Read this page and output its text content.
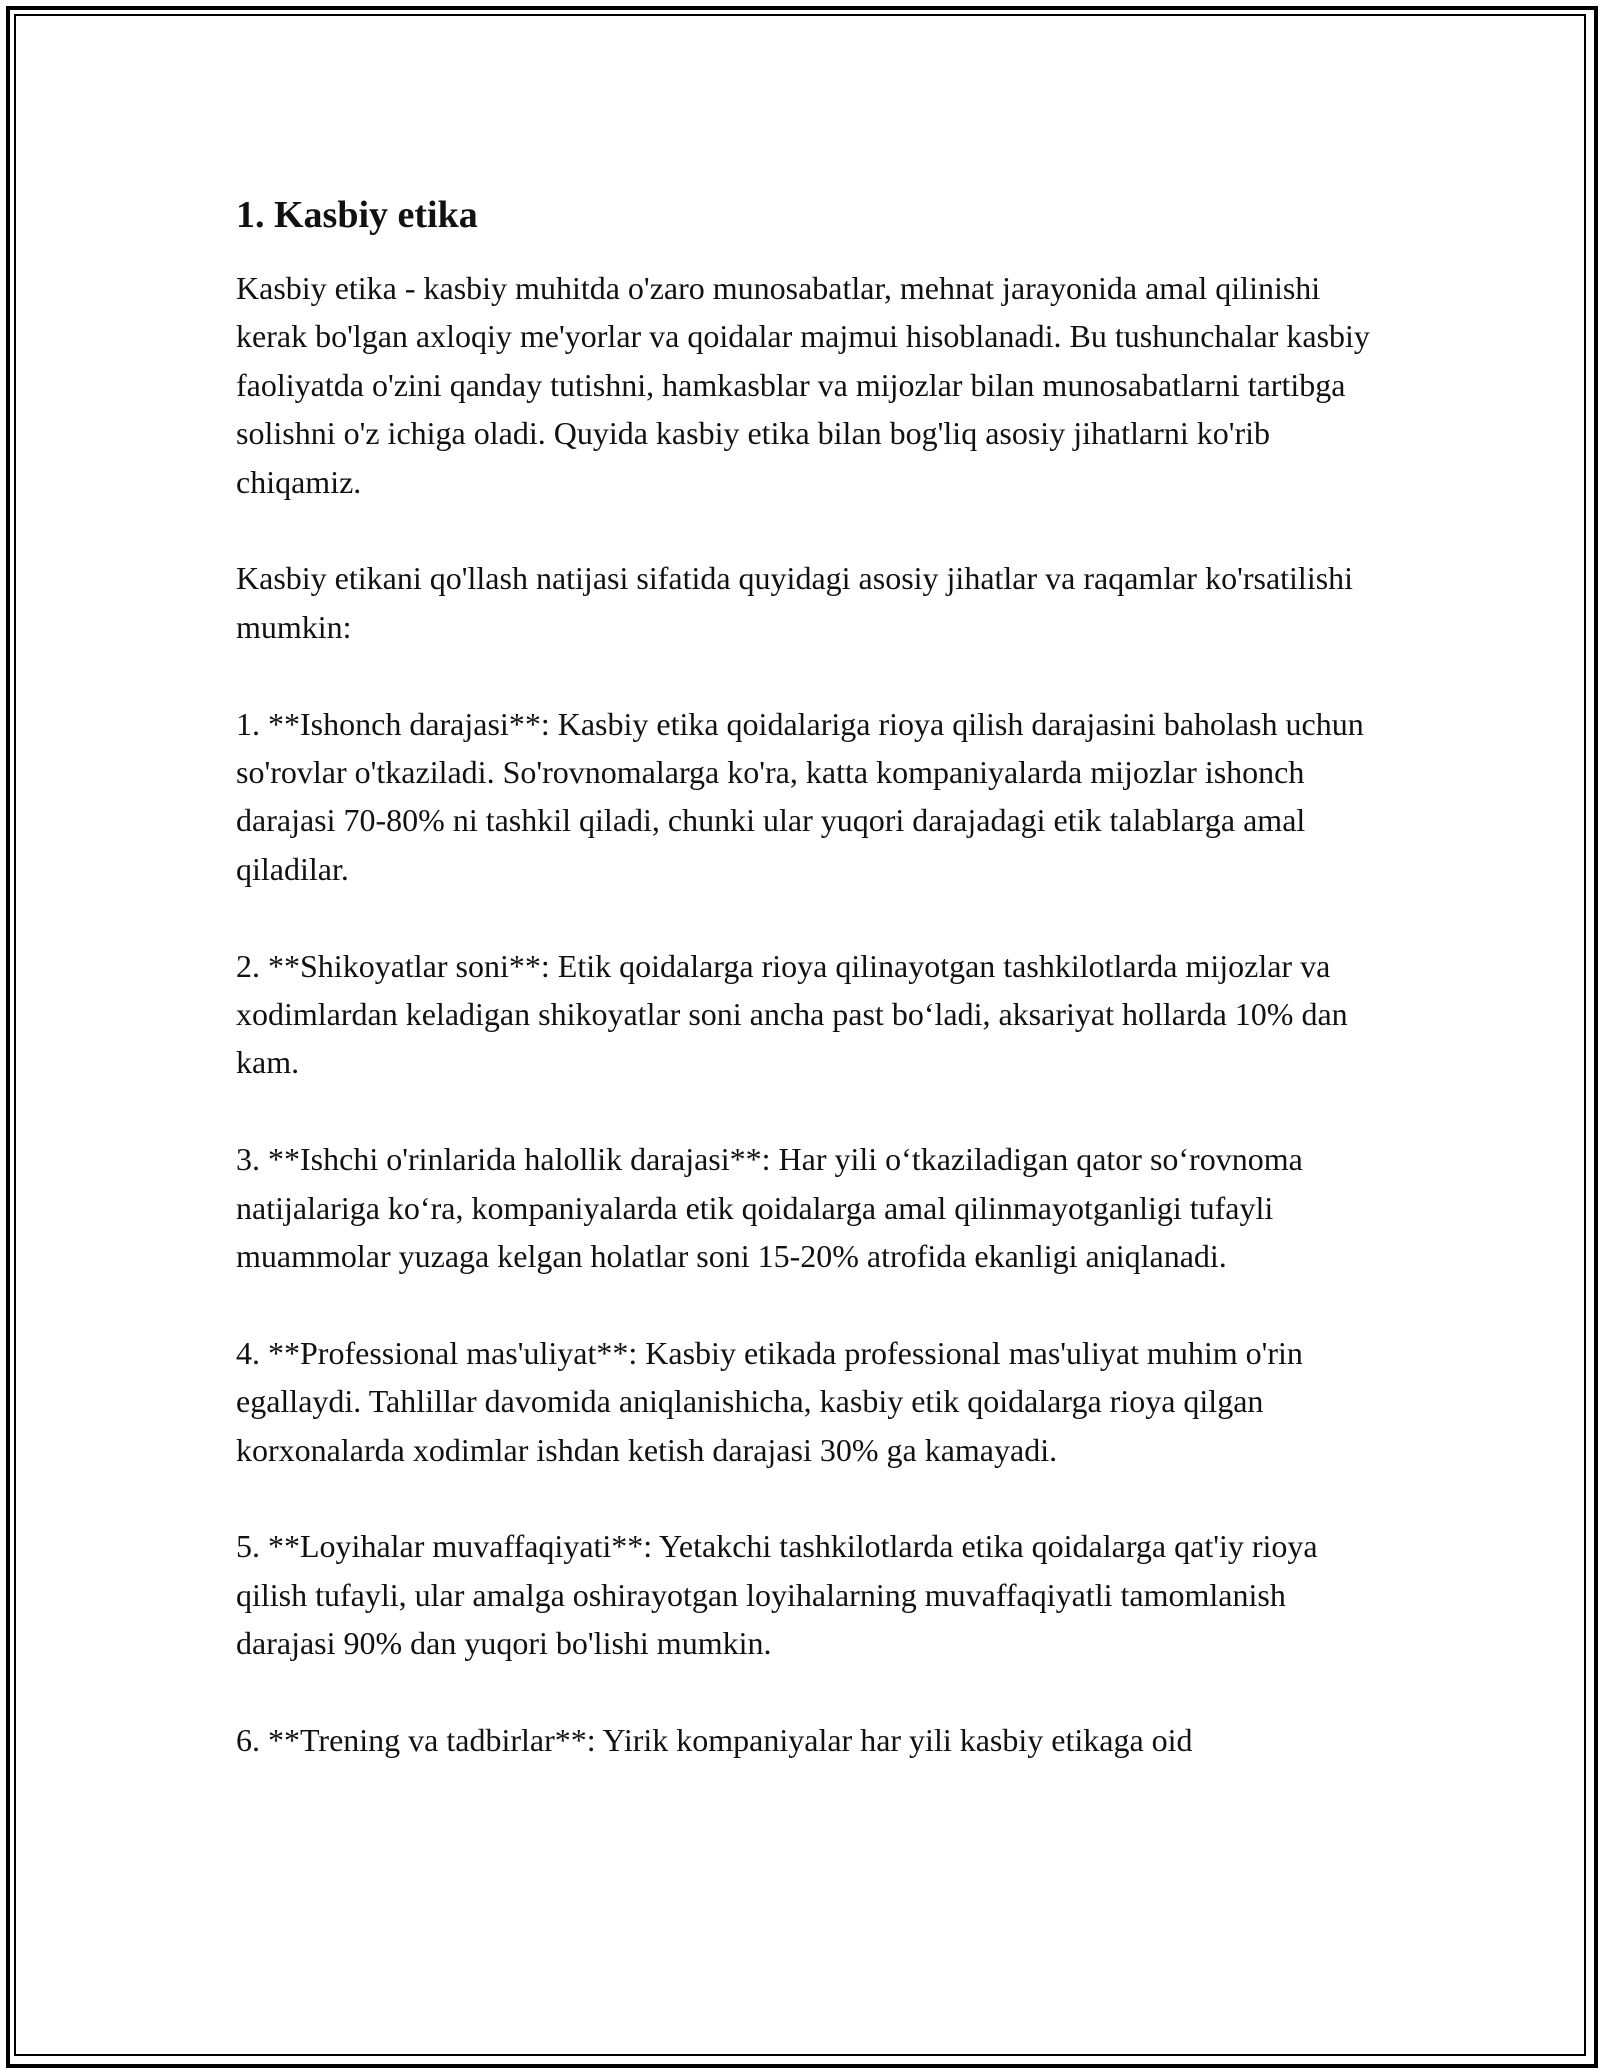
1. Kasbiy etika

Kasbiy etika - kasbiy muhitda o'zaro munosabatlar, mehnat jarayonida amal qilinishi kerak bo'lgan axloqiy me'yorlar va qoidalar majmui hisoblanadi. Bu tushunchalar kasbiy faoliyatda o'zini qanday tutishni, hamkasblar va mijozlar bilan munosabatlarni tartibga solishni o'z ichiga oladi. Quyida kasbiy etika bilan bog'liq asosiy jihatlarni ko'rib chiqamiz.

Kasbiy etikani qo'llash natijasi sifatida quyidagi asosiy jihatlar va raqamlar ko'rsatilishi mumkin:

1. **Ishonch darajasi**: Kasbiy etika qoidalariga rioya qilish darajasini baholash uchun so'rovlar o'tkaziladi. So'rovnomalarga ko'ra, katta kompaniyalarda mijozlar ishonch darajasi 70-80% ni tashkil qiladi, chunki ular yuqori darajadagi etik talablarga amal qiladilar.

2. **Shikoyatlar soni**: Etik qoidalarga rioya qilinayotgan tashkilotlarda mijozlar va xodimlardan keladigan shikoyatlar soni ancha past bo‘ladi, aksariyat hollarda 10% dan kam.

3. **Ishchi o'rinlarida halollik darajasi**: Har yili o‘tkaziladigan qator so‘rovnoma natijalariga ko‘ra, kompaniyalarda etik qoidalarga amal qilinmayotganligi tufayli muammolar yuzaga kelgan holatlar soni 15-20% atrofida ekanligi aniqlanadi.

4. **Professional mas'uliyat**: Kasbiy etikada professional mas'uliyat muhim o'rin egallaydi. Tahlillar davomida aniqlanishicha, kasbiy etik qoidalarga rioya qilgan korxonalarda xodimlar ishdan ketish darajasi 30% ga kamayadi.

5. **Loyihalar muvaffaqiyati**: Yetakchi tashkilotlarda etika qoidalarga qat'iy rioya qilish tufayli, ular amalga oshirayotgan loyihalarning muvaffaqiyatli tamomlanish darajasi 90% dan yuqori bo'lishi mumkin.

6. **Trening va tadbirlar**: Yirik kompaniyalar har yili kasbiy etikaga oid
